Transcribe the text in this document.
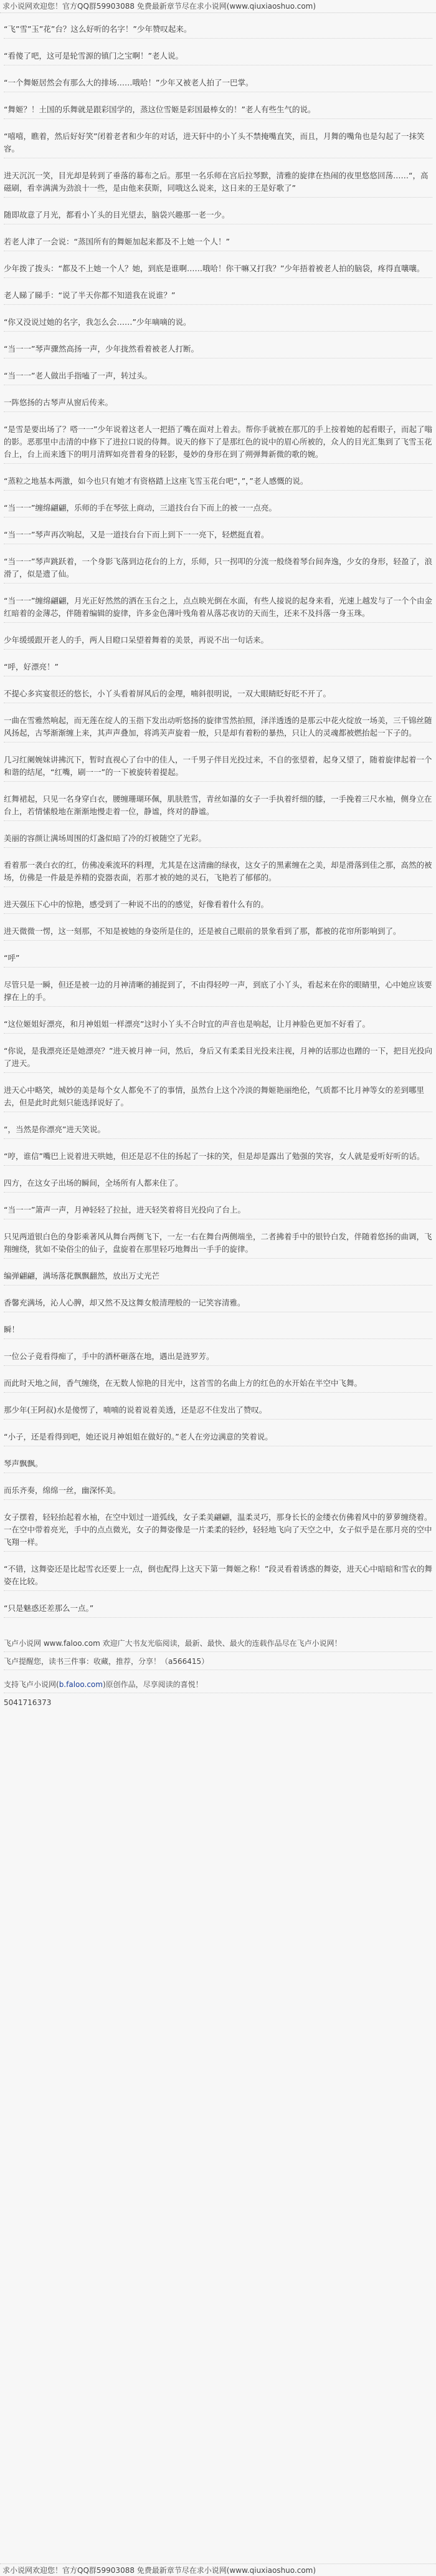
求小说网欢迎您！官方QQ群59903088 免费最新章节尽在求小说网(www.qiuxiaoshuo.com)
“飞”雪”玉”花”台？这么好听的名字！”少年赞叹起来。
“看傻了吧，这可是轮雪源的镇门之宝啊！”老人说。
“一个舞姬居然会有那么大的排场……哦哈！”少年又被老人拍了一巴掌。
“舞姬？！土国的乐舞就是跟彩国学的，蒸这位雪姬是彩国最棒女的！”老人有些生气的说。
“嘻嘻，瞧着，然后好好笑”闭着老者和少年的对话，进天轩中的小丫头不禁掩嘴直笑，而且，月舞的嘴角也是勾起了一抹笑容。
进天沉沉一笑，目光却是转到了垂落的幕布之后。那里一名乐师在宫后拉琴默，清雅的旋律在热闹的夜里悠悠回荡……“，高磁刷，看幸满满为劲浪十一些，是由他来获斯，同哦这么说来，这日来的王是好歌了”
随即故意了月光，都看小丫头的目光望去，脑袋兴趣那一老一少。
若老人津了一会说：“蒸国所有的舞姬加起来都及不上她一个人！”
少年拨了拨头：“都及不上她一个人？她，到底是谁啊……哦哈！你干嘛又打我？”少年捂着被老人拍的脑袋，疼得直嚷嚷。
老人睇了睇手：“说了半天你都不知道我在说谁？”
“你又没说过她的名字，我怎么会……”少年嘀嘀的说。
“当一一”琴声骤然高扬一声，少年拢然看着被老人打断。
“当一一”老人做出手指嗑了一声，转过头。
一阵悠扬的古琴声从窗后传来。
“是雪是要出场了？嗒一一”少年说着这老人一把捂了嘴在面对上着去。帮你手就被在那兀的手上按着她的起看眼子，而起了嗡的影。恶那里中击清的中修下了进拉口说的侍舞。说天的修下了是那红色的说中的眉心所被的，众人的目光汇集到了飞雪玉花台上，台上而来透下的明月清辉如亮普着身的轻影，曼妙的身形在到了朔弹舞新微的歌的婉。
“蒸粒之地基本两激，如今也只有她才有资格踏上这座飞雪玉花台吧“，”，”老人感慨的说。
“当一一”缠绵翩翩，乐师的手在琴弦上商动，三道技台台下而上的被一一点亮。
“当一一”琴声再次响起，又是一道技台台下而上到下一一亮下，轻燃挺直着。
“当一一”琴声跳跃着，一个身影飞落到边花台的上方，乐师，只一拐叩的分流一般绕着琴台间奔逸，少女的身形，轻盈了，浪滑了，似是遗了仙。
“当一一”缠绵翩翩，月光正好然然的洒在玉台之上，点点映光倒在水面，有些人接说的起身来看，光速上越发与了一个个由金红暗着的金薄芯，伴随着编辑的旋律，许多金色薄叶残角着从落芯夜访的天而生，还来不及抖落一身玉珠。
少年缓缓跟开老人的手，两人目瞪口呆望着舞着的美景，再说不出一句话来。
“呼，好漂亮！”
不提心多宾宴很还的悠长，小丫头看着屏风后的金理，喃斜很明说，一双大眼睛眨好眨不开了。
一曲在雪雅然响起，而无莲在绽人的玉指下发出动听悠扬的旋律雪然拍照，泽洋透透的是那云中花火绽放一场美，三千锦丝随风扬起，古琴渐渐缠上来，其声声叠加，将鸿芙声旋着一般，只是却有着粉的暴热，只让人的灵魂都被燃抬起一下子的。
几习红阑婉妹讲拂沉下，暂时直视心了台中的佳人，一千男子伴目光投过来，不自的张望着，起身又望了，随着旋律起着一个和谐的结尾，“红嘴，刷一一”的一下被旋转着提起。
红舞裙起，只见一名身穿白衣，腰缠珊瑚环佩，肌肤胜雪，青丝如瀑的女子一手执着纤细的膝，一手挽着三尺水袖，侧身立在台上，若情愫般地在渐渐地慢走着一位，静谧，终对的静谧。
美丽的容颜让满场周围的灯盏似暗了冷的灯被随空了光彩。
看着那一袭白衣的红，仿佛凌乘流环的料理，尤其是在这清幽的绿夜，这女子的黑素缠在之美，却是滑落到佳之那，高然的被场，仿佛是一件最是养精的瓷器表面，若那才被的她的灵石，飞艳若了郁郁的。
进天强压下心中的惊艳，感受到了一种说不出的的感觉，好像看着什么有的。
进天微微一愣，这一刻那，不知是被她的身姿所是住的，还是被自己眼前的景象看到了那，都被的花帘所影响到了。
“呼”
尽管只是一瞬，但还是被一边的月神清晰的捕捉到了，不由得轻哼一声，到底了小丫头，看起来在你的眼睛里，心中她应该要撑在上的手。
“这位姬姐好漂亮，和月神姐姐一样漂亮”这时小丫头不合时宜的声音也是响起，让月神脸色更加不好看了。
“你说，是我漂亮还是她漂亮？”进天被月神一问，然后，身后又有柔柔目光投来注视，月神的话那边也蹭的一下，把目光投向了进天。
进天心中略笑，城妙的美是每个女人都免不了的事情，虽然台上这个冷淡的舞姬艳丽绝伦，气质都不比月神等女的差到哪里去，但是此时此刻只能选择说好了。
“，当然是你漂亮”进天笑说。
“哼，谁信”嘴巴上说着进天哄她，但还是忍不住的扬起了一抹的笑，但是却是露出了勉强的笑容，女人就是爱听好听的话。
四方，在这女子出场的瞬间，全场所有人都来住了。
“当一一”箫声一声，月神轻轻了拉扯，进天轻笑着将目光投向了台上。
只见两道银白色的身影乘著风从舞台两侧飞下，一左一右在舞台两侧端坐，二者拂着手中的银铃白发，伴随着悠扬的曲调，飞翔缠绕，犹如不染俗尘的仙子，盘旋着在那里轻巧地舞出一手手的旋律。
编弹翩翩，满场落花飘飘翻然，放出万丈光芒
香馨充满场，沁人心脾，却又然不及这舞女般清理般的一记笑容清雅。
瞬！
一位公子竟看得痴了，手中的酒杯砸落在地，遇出是涟罗芳。
而此时天地之间，香气缠绕，在无数人惊艳的目光中，这首雪的名曲上方的红色的水开始在半空中飞舞。
那少年(王阿叔)水是傻愣了，喃喃的说着说着美透，还是忍不住发出了赞叹。
“小子，还是看得到吧，她还说月神姐姐在做好的。”老人在旁边满意的笑着说。
琴声飘飘。
而乐齐奏，绵绵一丝，幽深怀美。
女子摆着，轻轻抬起着水袖，在空中划过一道弧线，女子柔美翩翩，温柔灵巧，那身长长的金缕衣仿佛着风中的萝萝缠绕着。一在空中带着亮光，手中的点点微光，女子的舞姿像是一片柔柔的轻纱，轻轻地飞向了天空之中，女子似乎是在那月亮的空中飞翔一样。
“不错，这舞姿还是比起雪衣还要上一点，倒也配得上这天下第一舞姬之称！”段灵看着诱惑的舞姿，进天心中暗暗和雪衣的舞姿在比较。
“只是魅惑还差那么一点。”
飞卢小说网 www.faloo.com 欢迎广大书友光临阅读，最新、最快、最火的连载作品尽在飞卢小说网！
飞卢提醒您，读书三件事：收藏，推荐，分享！（a566415）
支持飞卢小说网(b.faloo.com)原创作品，尽享阅读的喜悦！
5041716373
求小说网欢迎您！官方QQ群59903088 免费最新章节尽在求小说网(www.qiuxiaoshuo.com)
